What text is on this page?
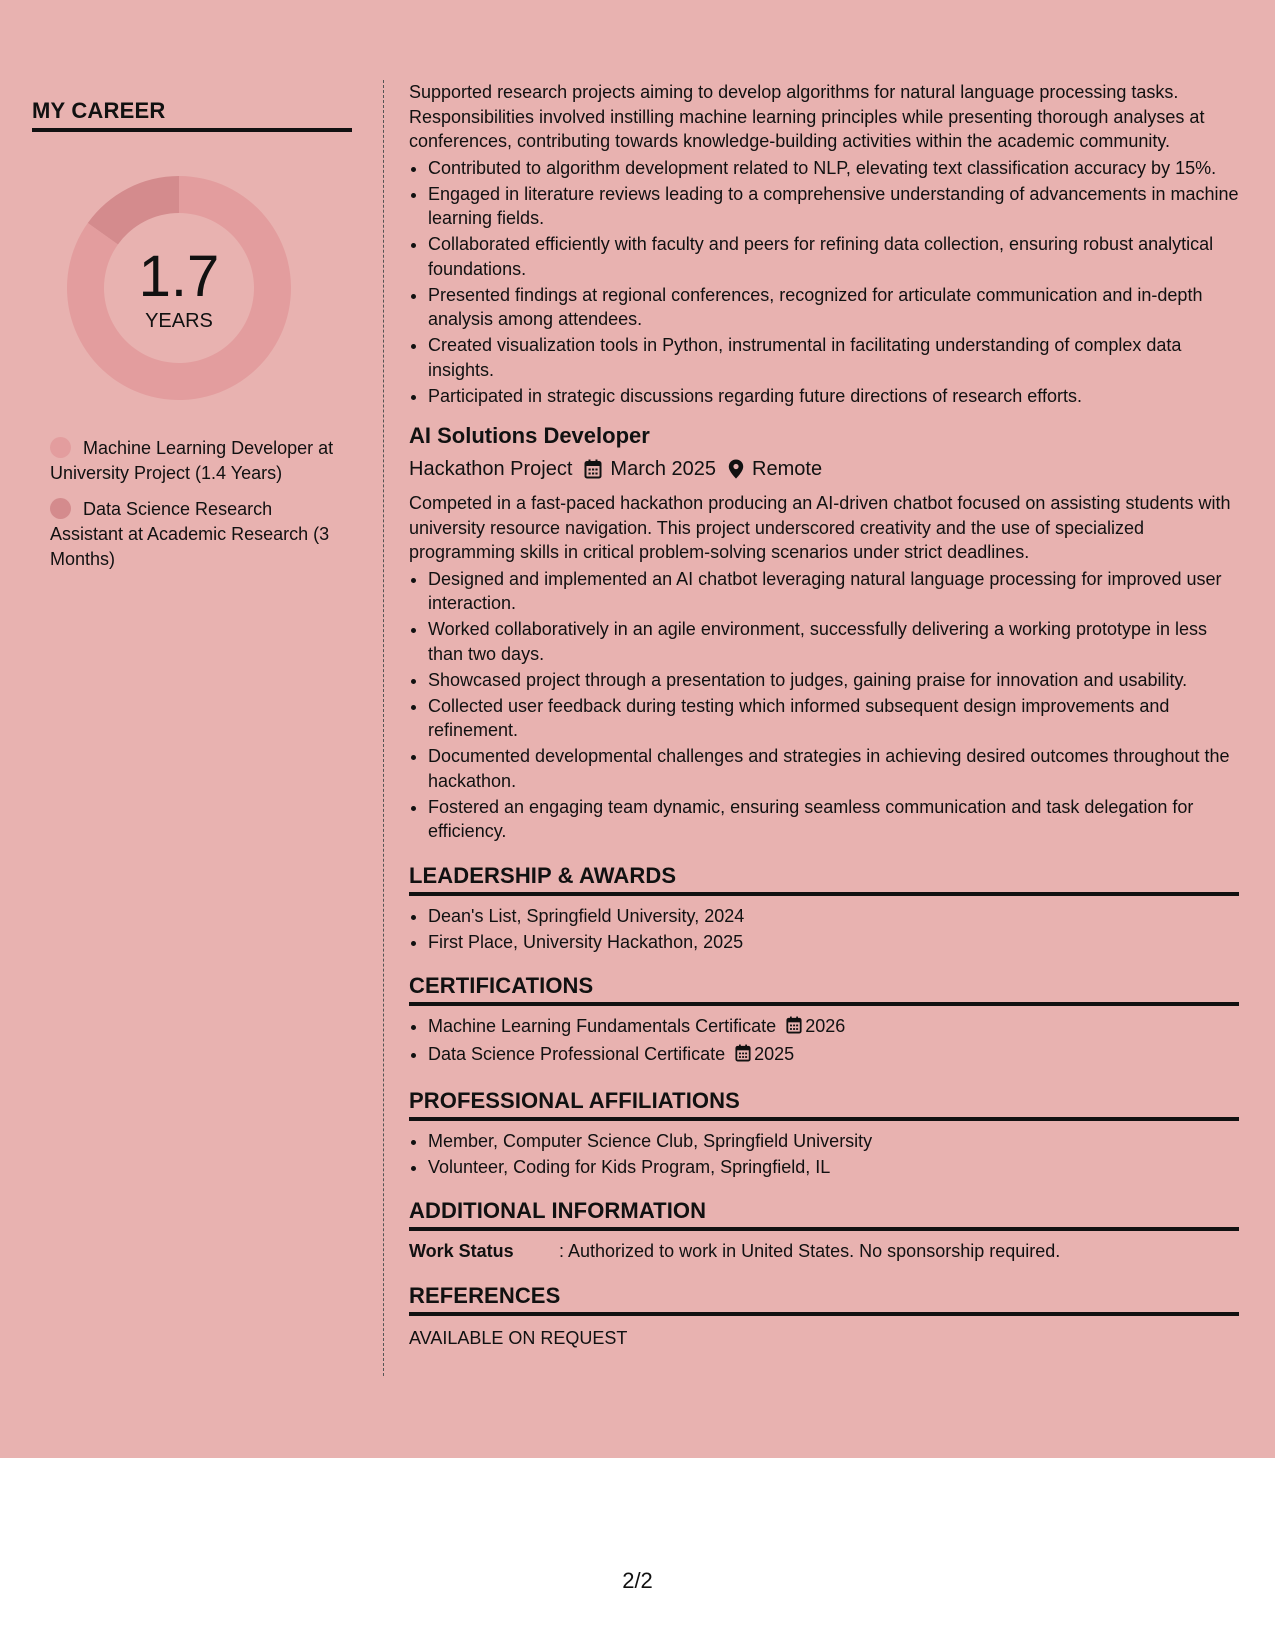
MY CAREER
1.7
YEARS
Machine Learning Developer at University Project (1.4 Years)
Data Science Research Assistant at Academic Research (3 Months)

Supported research projects aiming to develop algorithms for natural language processing tasks. Responsibilities involved instilling machine learning principles while presenting thorough analyses at conferences, contributing towards knowledge-building activities within the academic community.

• Contributed to algorithm development related to NLP, elevating text classification accuracy by 15%.
• Engaged in literature reviews leading to a comprehensive understanding of advancements in machine learning fields.
• Collaborated efficiently with faculty and peers for refining data collection, ensuring robust analytical foundations.
• Presented findings at regional conferences, recognized for articulate communication and in-depth analysis among attendees.
• Created visualization tools in Python, instrumental in facilitating understanding of complex data insights.
• Participated in strategic discussions regarding future directions of research efforts.
AI Solutions Developer
Hackathon Project March 2025 Remote

Competed in a fast-paced hackathon producing an AI-driven chatbot focused on assisting students with university resource navigation. This project underscored creativity and the use of specialized programming skills in critical problem-solving scenarios under strict deadlines.

• Designed and implemented an AI chatbot leveraging natural language processing for improved user interaction.
• Worked collaboratively in an agile environment, successfully delivering a working prototype in less than two days.
• Showcased project through a presentation to judges, gaining praise for innovation and usability.
• Collected user feedback during testing which informed subsequent design improvements and refinement.
• Documented developmental challenges and strategies in achieving desired outcomes throughout the hackathon.
• Fostered an engaging team dynamic, ensuring seamless communication and task delegation for efficiency.
LEADERSHIP & AWARDS
• Dean's List, Springfield University, 2024
• First Place, University Hackathon, 2025
CERTIFICATIONS
• Machine Learning Fundamentals Certificate 2026
• Data Science Professional Certificate 2025
PROFESSIONAL AFFILIATIONS
• Member, Computer Science Club, Springfield University
• Volunteer, Coding for Kids Program, Springfield, IL
ADDITIONAL INFORMATION
Work Status	: Authorized to work in United States. No sponsorship required.
REFERENCES

AVAILABLE ON REQUEST

2/2
